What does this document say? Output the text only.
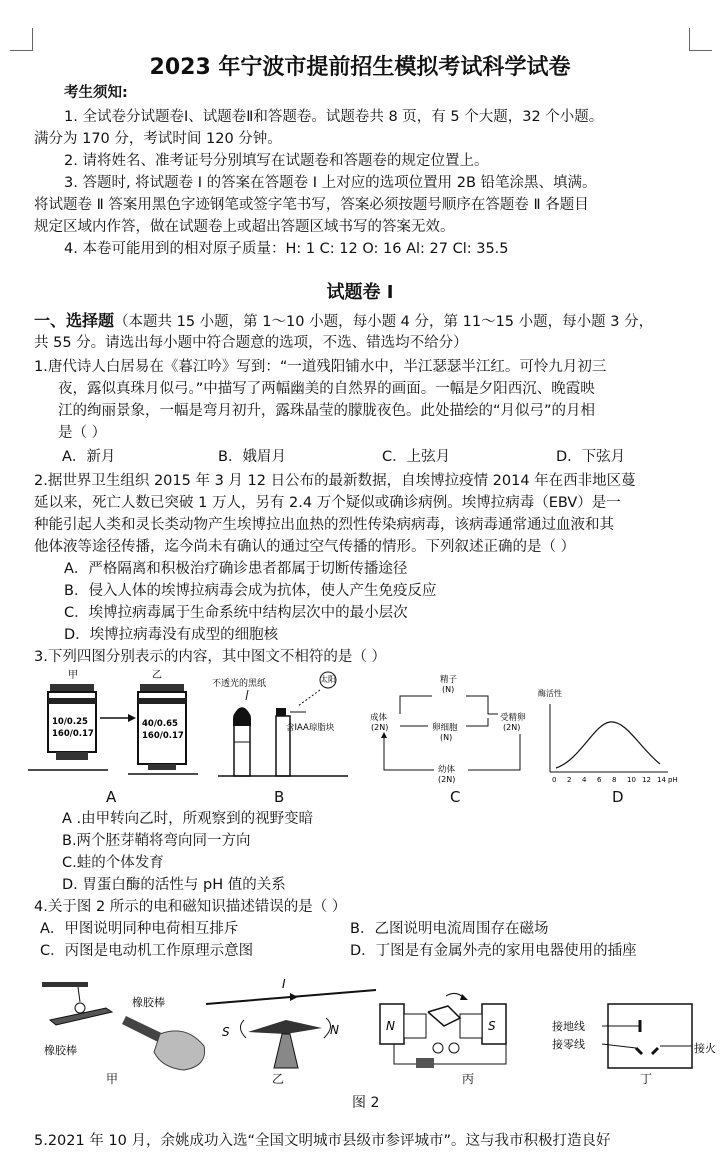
2023 年宁波市提前招生模拟考试科学试卷
考生须知:
1. 全试卷分试题卷Ⅰ、试题卷Ⅱ和答题卷。试题卷共 8 页，有 5 个大题，32 个小题。
满分为 170 分，考试时间 120 分钟。
2. 请将姓名、准考证号分别填写在试题卷和答题卷的规定位置上。
3. 答题时, 将试题卷 Ⅰ 的答案在答题卷 Ⅰ 上对应的选项位置用 2B 铅笔涂黑、填满。
将试题卷 Ⅱ 答案用黑色字迹钢笔或签字笔书写，答案必须按题号顺序在答题卷 Ⅱ 各题目
规定区域内作答，做在试题卷上或超出答题区域书写的答案无效。
4. 本卷可能用到的相对原子质量：H: 1 C: 12 O: 16 Al: 27 Cl: 35.5
试题卷 Ⅰ
一、选择题（本题共 15 小题，第 1～10 小题，每小题 4 分，第 11～15 小题，每小题 3 分，
共 55 分。请选出每小题中符合题意的选项，不选、错选均不给分）
1.唐代诗人白居易在《暮江吟》写到：“一道残阳铺水中，半江瑟瑟半江红。可怜九月初三
夜，露似真珠月似弓。”中描写了两幅幽美的自然界的画面。一幅是夕阳西沉、晚霞映
江的绚丽景象，一幅是弯月初升，露珠晶莹的朦胧夜色。此处描绘的“月似弓”的月相
是（ ）
A．新月	B．娥眉月	C．上弦月	D．下弦月
2.据世界卫生组织 2015 年 3 月 12 日公布的最新数据，自埃博拉疫情 2014 年在西非地区蔓
延以来，死亡人数已突破 1 万人，另有 2.4 万个疑似或确诊病例。埃博拉病毒（EBV）是一
种能引起人类和灵长类动物产生埃博拉出血热的烈性传染病病毒，该病毒通常通过血液和其
他体液等途径传播，迄今尚未有确认的通过空气传播的情形。下列叙述正确的是（ ）
A．严格隔离和积极治疗确诊患者都属于切断传播途径
B．侵入人体的埃博拉病毒会成为抗体，使人产生免疫反应
C．埃博拉病毒属于生命系统中结构层次中的最小层次
D．埃博拉病毒没有成型的细胞核
3.下列四图分别表示的内容，其中图文不相符的是（ ）
甲	乙
10/0.25
160/0.17
40/0.65
160/0.17
不透光的黑纸	太阳
含IAA琼脂块
精子
(N)
成体
(2N)	卵细胞
(N)
受精卵
(2N)
幼体
(2N)
酶活性
0 2 4 6 8 10 12 14 pH
A	B	C	D
A .由甲转向乙时，所观察到的视野变暗
B.两个胚芽鞘将弯向同一方向
C.蛙的个体发育
D. 胃蛋白酶的活性与 pH 值的关系
4.关于图 2 所示的电和磁知识描述错误的是（ ）
A．甲图说明同种电荷相互排斥	B．乙图说明电流周围存在磁场
C．丙图是电动机工作原理示意图	D．丁图是有金属外壳的家用电器使用的插座
橡胶棒
橡胶棒
I
S	N	N	S	接地线
接零线	接火
甲	乙	丙	丁
图 2
5.2021 年 10 月，余姚成功入选“全国文明城市县级市参评城市”。这与我市积极打造良好
